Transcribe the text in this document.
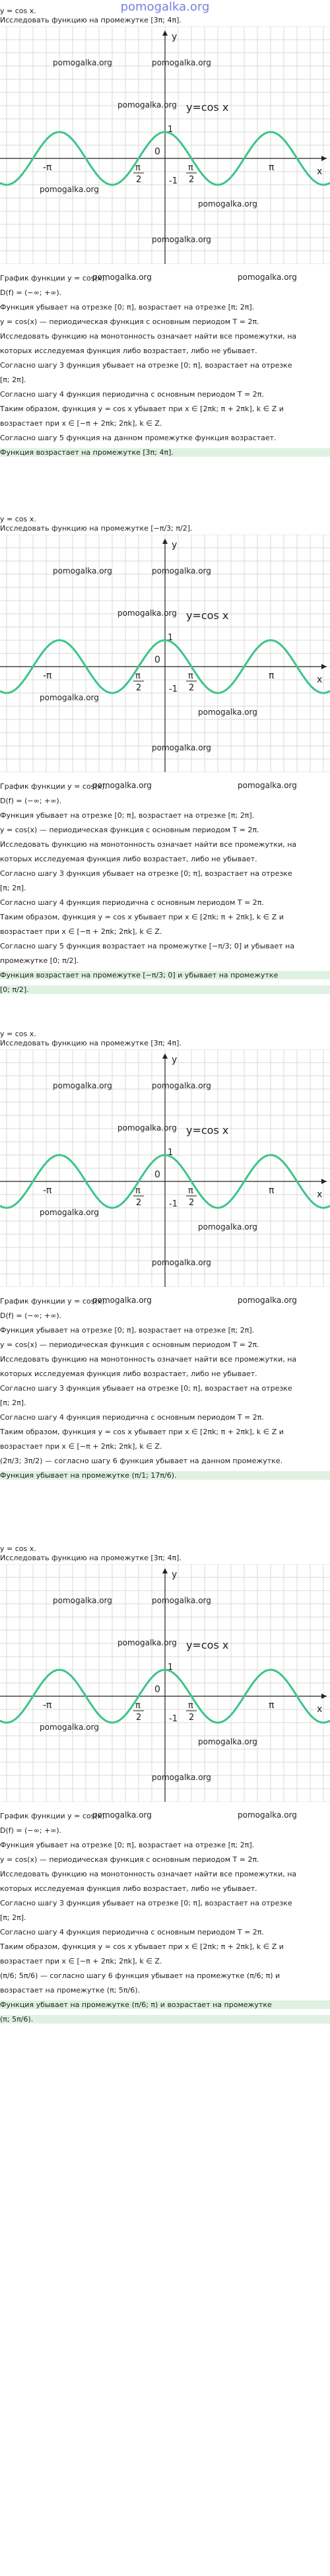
pomogalka.org
y = cos x.
Исследовать функцию на промежутке [3π; 4π].
y
x
y=cos x
0
1
-1
-π	π
π
2
π
2
pomogalka.org	pomogalka.org
pomogalka.org
pomogalka.org
pomogalka.org
pomogalka.org
График функции y = cos(x).
D(f) = (−∞; +∞).
Функция убывает на отрезке [0; π], возрастает на отрезке [π; 2π].
y = cos(x) — периодическая функция с основным периодом T = 2π.
Исследовать функцию на монотонность означает найти все промежутки, на
которых исследуемая функция либо возрастает, либо не убывает.
Согласно шагу 3 функция убывает на отрезке [0; π], возрастает на отрезке
[π; 2π].
Согласно шагу 4 функция периодична с основным периодом T = 2π.
Таким образом, функция y = cos x убывает при x ∈ [2πk; π + 2πk], k ∈ Z и
возрастает при x ∈ [−π + 2πk; 2πk], k ∈ Z.
Согласно шагу 5 функция на данном промежутке функция возрастает.
Функция возрастает на промежутке [3π; 4π].
pomogalka.org	pomogalka.org
y = cos x.
Исследовать функцию на промежутке [−π/3; π/2].
y
x
y=cos x
0
1
-1
-π	π
π
2
π
2
pomogalka.org	pomogalka.org
pomogalka.org
pomogalka.org
pomogalka.org
pomogalka.org
График функции y = cos(x).
D(f) = (−∞; +∞).
Функция убывает на отрезке [0; π], возрастает на отрезке [π; 2π].
y = cos(x) — периодическая функция с основным периодом T = 2π.
Исследовать функцию на монотонность означает найти все промежутки, на
которых исследуемая функция либо возрастает, либо не убывает.
Согласно шагу 3 функция убывает на отрезке [0; π], возрастает на отрезке
[π; 2π].
Согласно шагу 4 функция периодична с основным периодом T = 2π.
Таким образом, функция y = cos x убывает при x ∈ [2πk; π + 2πk], k ∈ Z и
возрастает при x ∈ [−π + 2πk; 2πk], k ∈ Z.
Согласно шагу 5 функция возрастает на промежутке [−π/3; 0] и убывает на
промежутке [0; π/2].
Функция возрастает на промежутке [−π/3; 0] и убывает на промежутке
[0; π/2].
pomogalka.org	pomogalka.org
y = cos x.
Исследовать функцию на промежутке [3π; 4π].
y
x
y=cos x
0
1
-1
-π	π
π
2
π
2
pomogalka.org	pomogalka.org
pomogalka.org
pomogalka.org
pomogalka.org
pomogalka.org
График функции y = cos(x).
D(f) = (−∞; +∞).
Функция убывает на отрезке [0; π], возрастает на отрезке [π; 2π].
y = cos(x) — периодическая функция с основным периодом T = 2π.
Исследовать функцию на монотонность означает найти все промежутки, на
которых исследуемая функция либо возрастает, либо не убывает.
Согласно шагу 3 функция убывает на отрезке [0; π], возрастает на отрезке
[π; 2π].
Согласно шагу 4 функция периодична с основным периодом T = 2π.
Таким образом, функция y = cos x убывает при x ∈ [2πk; π + 2πk], k ∈ Z и
возрастает при x ∈ [−π + 2πk; 2πk], k ∈ Z.
(2π/3; 3π/2) — согласно шагу 6 функция убывает на данном промежутке.
Функция убывает на промежутке (π/1; 17π/6).
pomogalka.org	pomogalka.org
y = cos x.
Исследовать функцию на промежутке [3π; 4π].
y
x
y=cos x
0
1
-1
-π	π
π
2
π
2
pomogalka.org	pomogalka.org
pomogalka.org
pomogalka.org
pomogalka.org
pomogalka.org
График функции y = cos(x).
D(f) = (−∞; +∞).
Функция убывает на отрезке [0; π], возрастает на отрезке [π; 2π].
y = cos(x) — периодическая функция с основным периодом T = 2π.
Исследовать функцию на монотонность означает найти все промежутки, на
которых исследуемая функция либо возрастает, либо не убывает.
Согласно шагу 3 функция убывает на отрезке [0; π], возрастает на отрезке
[π; 2π].
Согласно шагу 4 функция периодична с основным периодом T = 2π.
Таким образом, функция y = cos x убывает при x ∈ [2πk; π + 2πk], k ∈ Z и
возрастает при x ∈ [−π + 2πk; 2πk], k ∈ Z.
(π/6; 5π/6) — согласно шагу 6 функция убывает на промежутке (π/6; π) и
возрастает на промежутке (π; 5π/6).
Функция убывает на промежутке (π/6; π) и возрастает на промежутке
(π; 5π/6).
pomogalka.org	pomogalka.org
